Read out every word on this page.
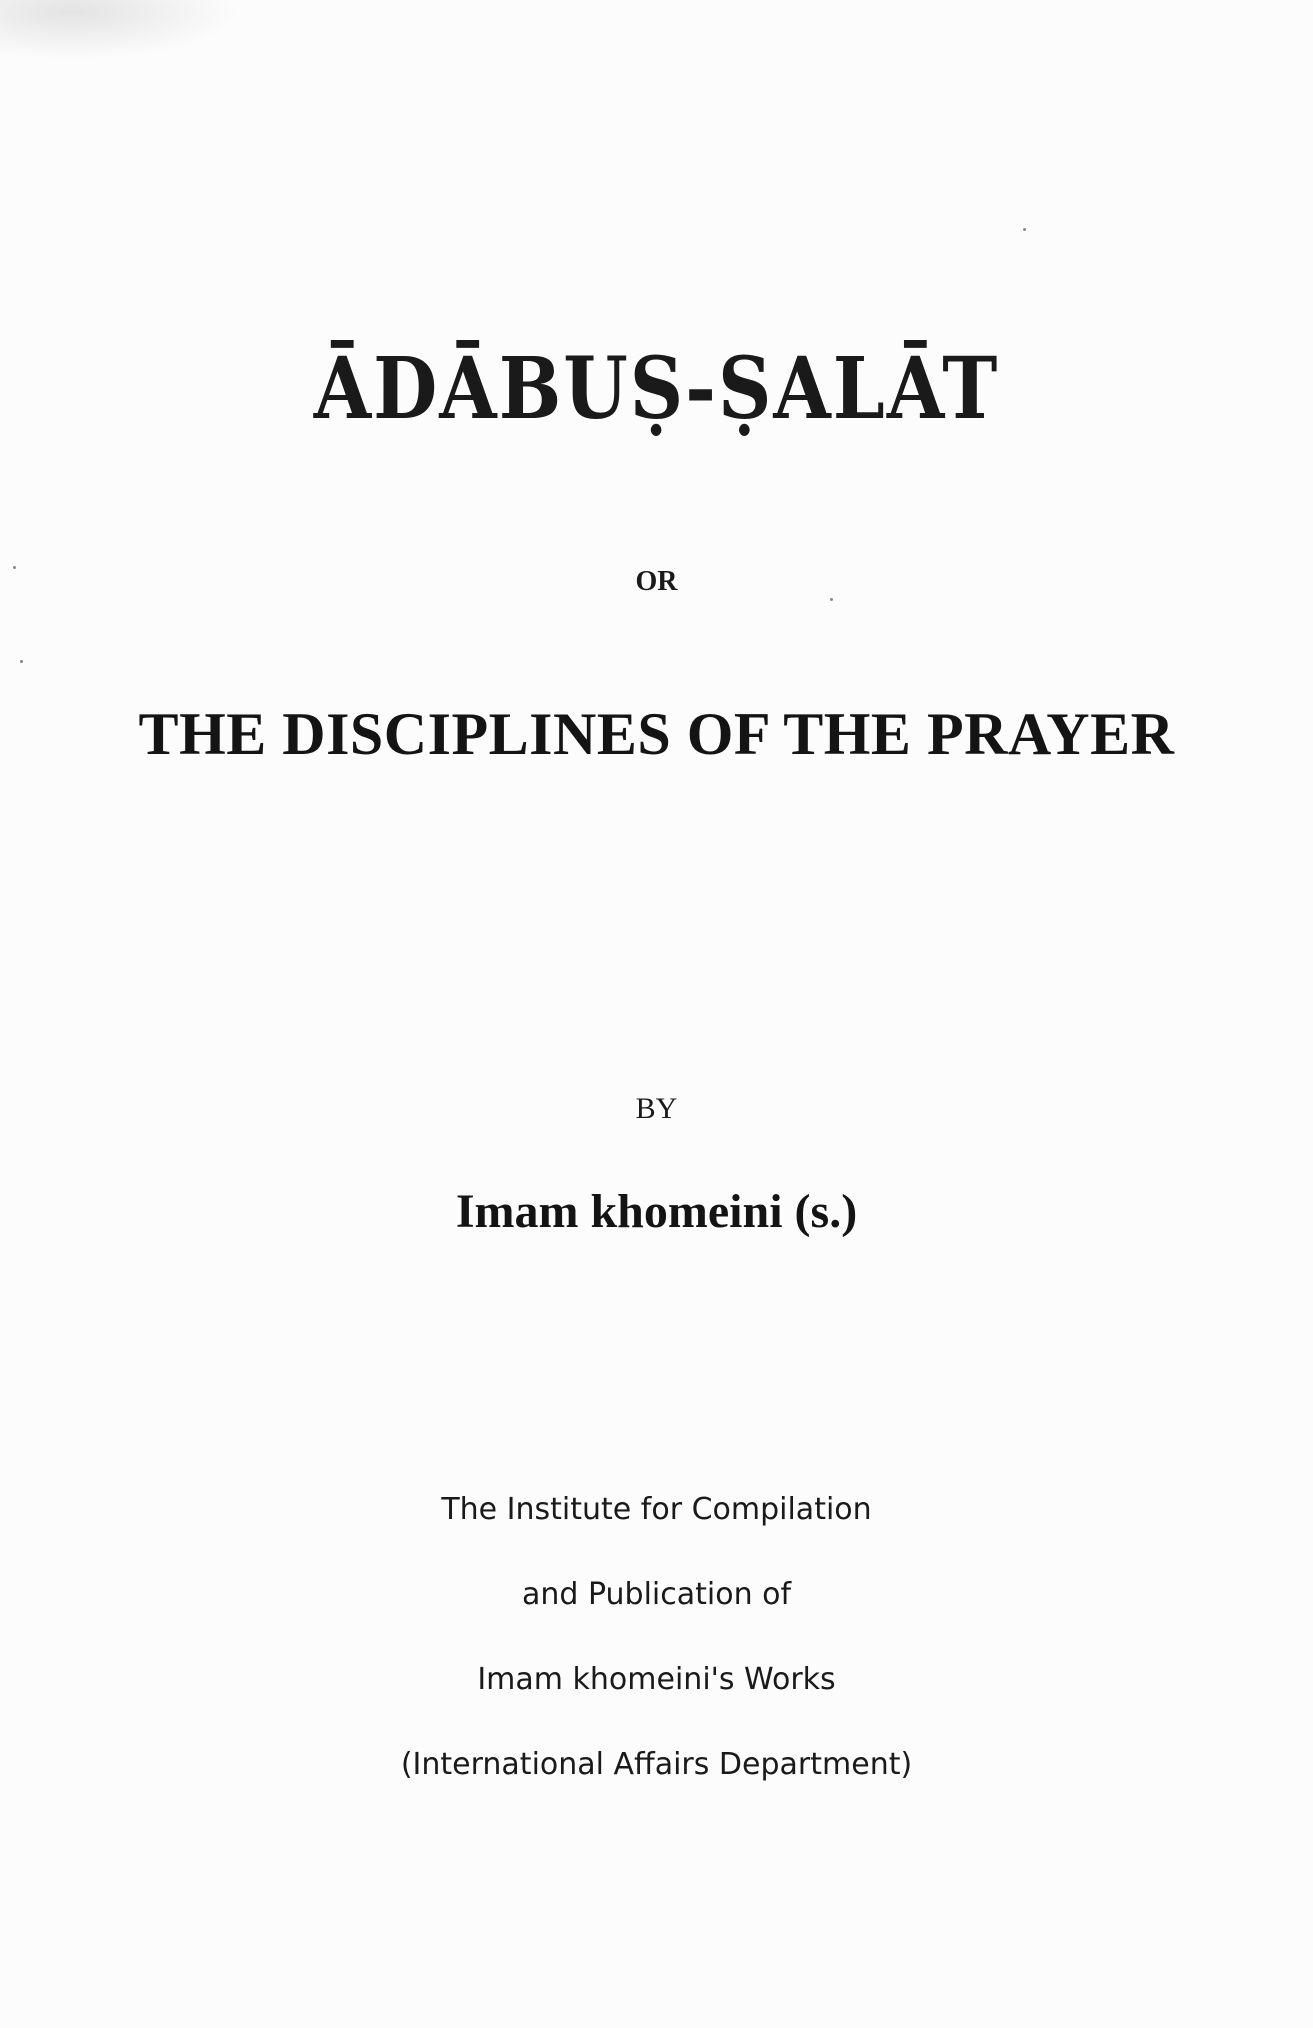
ĀDĀBUṢ-ṢALĀT
OR
THE DISCIPLINES OF THE PRAYER
BY
Imam khomeini (s.)
The Institute for Compilation
and Publication of
Imam khomeini's Works
(International Affairs Department)
